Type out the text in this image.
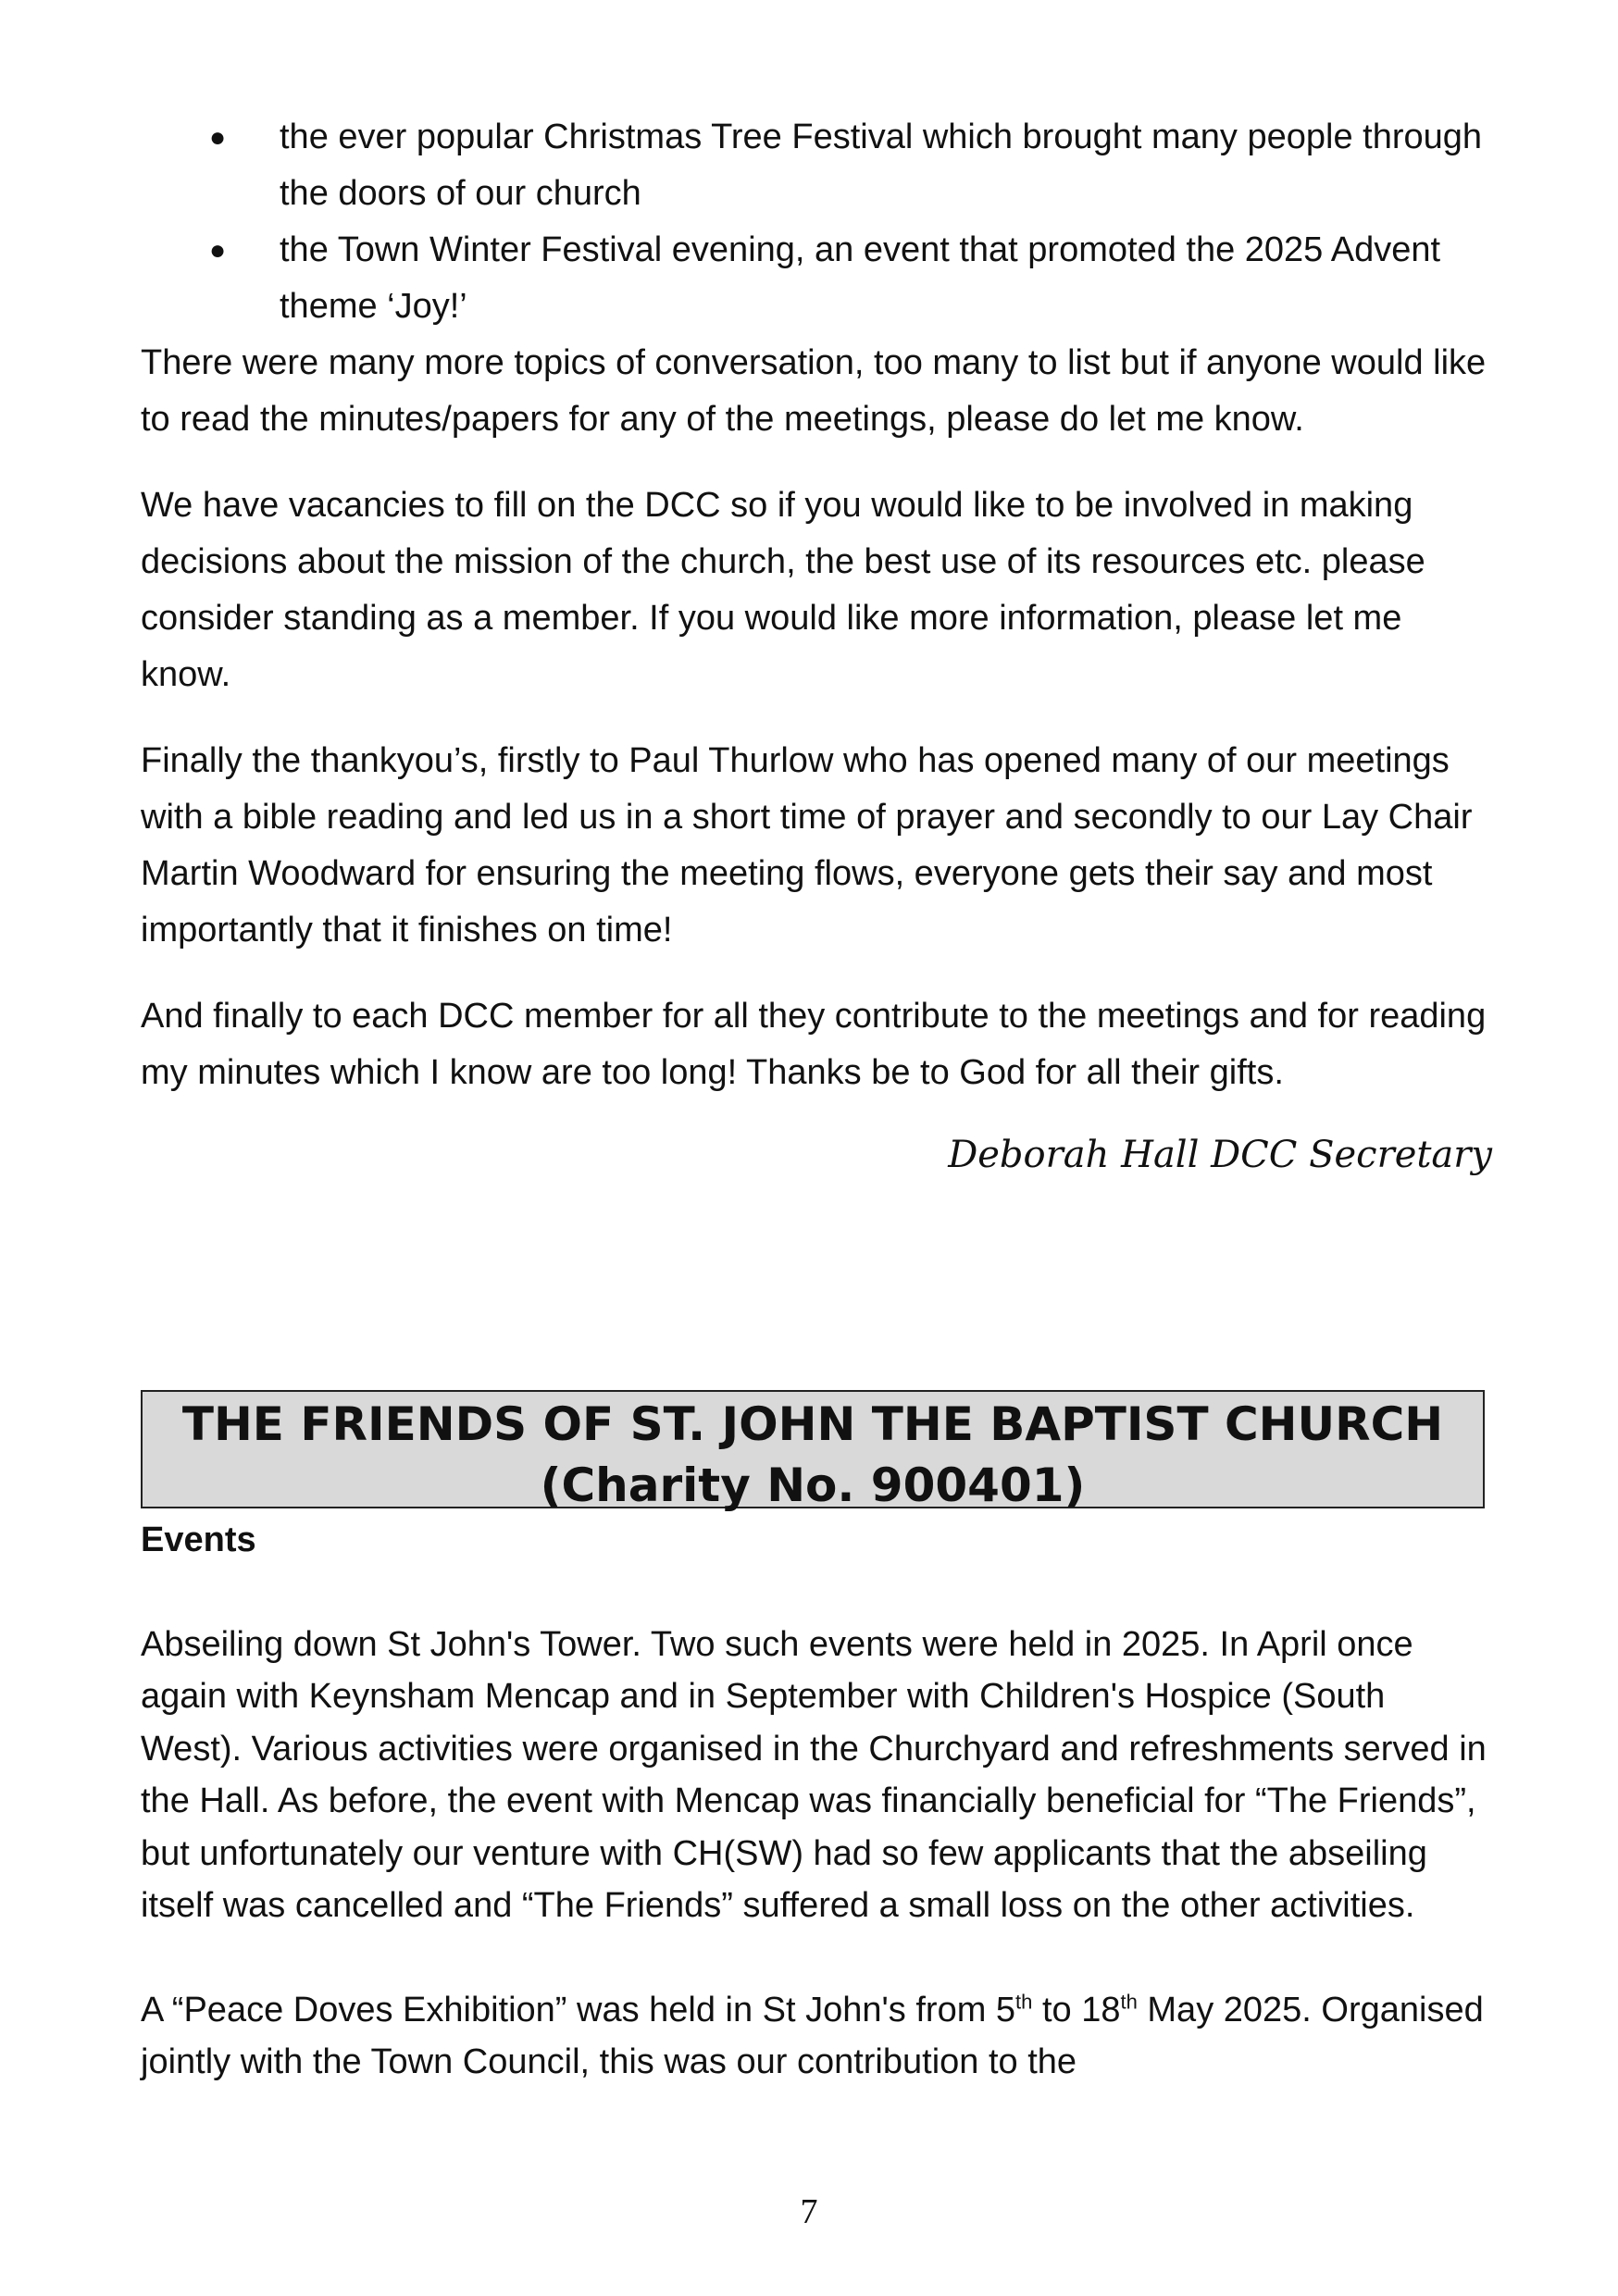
● the ever popular Christmas Tree Festival which brought many people through the doors of our church
● the Town Winter Festival evening, an event that promoted the 2025 Advent theme ‘Joy!’

There were many more topics of conversation, too many to list but if anyone would like to read the minutes/papers for any of the meetings, please do let me know.

We have vacancies to fill on the DCC so if you would like to be involved in making decisions about the mission of the church, the best use of its resources etc. please consider standing as a member. If you would like more information, please let me know.

Finally the thankyou’s, firstly to Paul Thurlow who has opened many of our meetings with a bible reading and led us in a short time of prayer and secondly to our Lay Chair Martin Woodward for ensuring the meeting flows, everyone gets their say and most importantly that it finishes on time!

And finally to each DCC member for all they contribute to the meetings and for reading my minutes which I know are too long! Thanks be to God for all their gifts.

Deborah Hall DCC Secretary

THE FRIENDS OF ST. JOHN THE BAPTIST CHURCH
(Charity No. 900401)

Events

Abseiling down St John's Tower. Two such events were held in 2025. In April once again with Keynsham Mencap and in September with Children's Hospice (South West). Various activities were organised in the Churchyard and refreshments served in the Hall. As before, the event with Mencap was financially beneficial for “The Friends”, but unfortunately our venture with CH(SW) had so few applicants that the abseiling itself was cancelled and “The Friends” suffered a small loss on the other activities.

A “Peace Doves Exhibition” was held in St John's from 5th to 18th May 2025. Organised jointly with the Town Council, this was our contribution to the

7
